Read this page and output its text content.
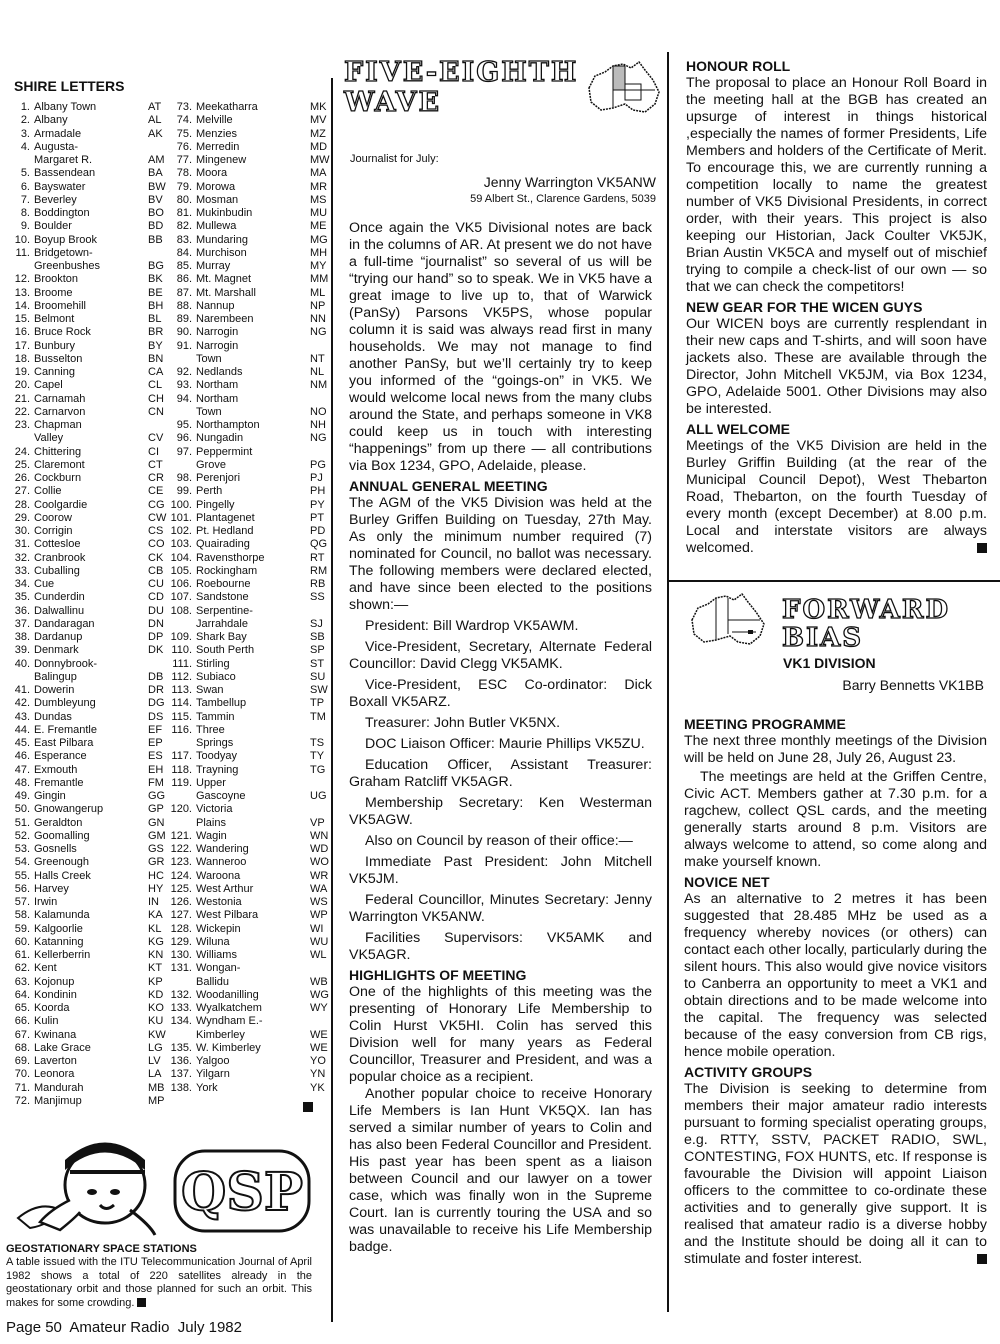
SHIRE LETTERS
1. Albany Town	AT
2. Albany	AL
3. Armadale	AK
4. Augusta-
Margaret R.	AM
5. Bassendean	BA
6. Bayswater	BW
7. Beverley	BV
8. Boddington	BO
9. Boulder	BD
10. Boyup Brook	BB
11. Bridgetown-
Greenbushes	BG
12. Brookton	BK
13. Broome	BE
14. Broomehill	BH
15. Belmont	BL
16. Bruce Rock	BR
17. Bunbury	BY
18. Busselton	BN
19. Canning	CA
20. Capel	CL
21. Carnamah	CH
22. Carnarvon	CN
23. Chapman
Valley	CV
24. Chittering	CI
25. Claremont	CT
26. Cockburn	CR
27. Collie	CE
28. Coolgardie	CG
29. Coorow	CW
30. Corrigin	CS
31. Cottesloe	CO
32. Cranbrook	CK
33. Cuballing	CB
34. Cue	CU
35. Cunderdin	CD
36. Dalwallinu	DU
37. Dandaragan	DN
38. Dardanup	DP
39. Denmark	DK
40. Donnybrook-
Balingup	DB
41. Dowerin	DR
42. Dumbleyung	DG
43. Dundas	DS
44. E. Fremantle	EF
45. East Pilbara	EP
46. Esperance	ES
47. Exmouth	EH
48. Fremantle	FM
49. Gingin	GG
50. Gnowangerup	GP
51. Geraldton	GN
52. Goomalling	GM
53. Gosnells	GS
54. Greenough	GR
55. Halls Creek	HC
56. Harvey	HY
57. Irwin	IN
58. Kalamunda	KA
59. Kalgoorlie	KL
60. Katanning	KG
61. Kellerberrin	KN
62. Kent	KT
63. Kojonup	KP
64. Kondinin	KD
65. Koorda	KO
66. Kulin	KU
67. Kwinana	KW
68. Lake Grace	LG
69. Laverton	LV
70. Leonora	LA
71. Mandurah	MB
72. Manjimup	MP
73. Meekatharra	MK
74. Melville	MV
75. Menzies	MZ
76. Merredin	MD
77. Mingenew	MW
78. Moora	MA
79. Morowa	MR
80. Mosman	MS
81. Mukinbudin	MU
82. Mullewa	ME
83. Mundaring	MG
84. Murchison	MH
85. Murray	MY
86. Mt. Magnet	MM
87. Mt. Marshall	ML
88. Nannup	NP
89. Narembeen	NN
90. Narrogin	NG
91. Narrogin
Town	NT
92. Nedlands	NL
93. Northam	NM
94. Northam
Town	NO
95. Northampton	NH
96. Nungadin	NG
97. Peppermint
Grove	PG
98. Perenjori	PJ
99. Perth	PH
100. Pingelly	PY
101. Plantagenet	PT
102. Pt. Hedland	PD
103. Quairading	QG
104. Ravensthorpe	RT
105. Rockingham	RM
106. Roebourne	RB
107. Sandstone	SS
108. Serpentine-
Jarrahdale	SJ
109. Shark Bay	SB
110. South Perth	SP
111. Stirling	ST
112. Subiaco	SU
113. Swan	SW
114. Tambellup	TP
115. Tammin	TM
116. Three
Springs	TS
117. Toodyay	TY
118. Trayning	TG
119. Upper
Gascoyne	UG
120. Victoria
Plains	VP
121. Wagin	WN
122. Wandering	WD
123. Wanneroo	WO
124. Waroona	WR
125. West Arthur	WA
126. Westonia	WS
127. West Pilbara	WP
128. Wickepin	WI
129. Wiluna	WU
130. Williams	WL
131. Wongan-
Ballidu	WB
132. Woodanilling	WG
133. Wyalkatchem	WY
134. Wyndham E.-
Kimberley	WE
135. W. Kimberley	WE
136. Yalgoo	YO
137. Yilgarn	YN
138. York	YK
QSP
GEOSTATIONARY SPACE STATIONS
A table issued with the ITU Telecommunication Journal of April 1982 shows a total of 220 satellites already in the geostationary orbit and those planned for such an orbit. This makes for some crowding.
FIVE-EIGHTH
WAVE
Journalist for July:
Jenny Warrington VK5ANW
59 Albert St., Clarence Gardens, 5039

Once again the VK5 Divisional notes are back in the columns of AR. At present we do not have a full-time “journalist” so several of us will be “trying our hand” so to speak. We in VK5 have a great image to live up to, that of Warwick (PanSy) Parsons VK5PS, whose popular column it is said was always read first in many households. We may not manage to find another PanSy, but we’ll certainly try to keep you informed of the “goings-on” in VK5. We would welcome local news from the many clubs around the State, and perhaps someone in VK8 could keep us in touch with interesting “happenings” from up there — all contributions via Box 1234, GPO, Adelaide, please.

ANNUAL GENERAL MEETING

The AGM of the VK5 Division was held at the Burley Griffen Building on Tuesday, 27th May. As only the minimum number required (7) nominated for Council, no ballot was necessary. The following members were declared elected, and have since been elected to the positions shown:—

President: Bill Wardrop VK5AWM.

Vice-President, Secretary, Alternate Federal Councillor: David Clegg VK5AMK.

Vice-President, ESC Co-ordinator: Dick Boxall VK5ARZ.

Treasurer: John Butler VK5NX.

DOC Liaison Officer: Maurie Phillips VK5ZU.

Education Officer, Assistant Treasurer: Graham Ratcliff VK5AGR.

Membership Secretary: Ken Westerman VK5AGW.

Also on Council by reason of their office:—

Immediate Past President: John Mitchell VK5JM.

Federal Councillor, Minutes Secretary: Jenny Warrington VK5ANW.

Facilities Supervisors: VK5AMK and VK5AGR.

HIGHLIGHTS OF MEETING

One of the highlights of this meeting was the presenting of Honorary Life Membership to Colin Hurst VK5HI. Colin has served this Division well for many years as Federal Councillor, Treasurer and President, and was a popular choice as a recipient.

Another popular choice to receive Honorary Life Members is Ian Hunt VK5QX. Ian has served a similar number of years to Colin and has also been Federal Councillor and President. His past year has been spent as a liaison between Council and our lawyer on a tower case, which was finally won in the Supreme Court. Ian is currently touring the USA and so was unavailable to receive his Life Membership badge.

HONOUR ROLL

The proposal to place an Honour Roll Board in the meeting hall at the BGB has created an upsurge of interest in things historical ,especially the names of former Presidents, Life Members and holders of the Certificate of Merit. To encourage this, we are currently running a competition locally to name the greatest number of VK5 Divisional Presidents, in correct order, with their years. This project is also keeping our Historian, Jack Coulter VK5JK, Brian Austin VK5CA and myself out of mischief trying to compile a check-list of our own — so that we can check the competitors!

NEW GEAR FOR THE WICEN GUYS

Our WICEN boys are currently resplendant in their new caps and T-shirts, and will soon have jackets also. These are available through the Director, John Mitchell VK5JM, via Box 1234, GPO, Adelaide 5001. Other Divisions may also be interested.

ALL WELCOME

Meetings of the VK5 Division are held in the Burley Griffin Building (at the rear of the Municipal Council Depot), West Thebarton Road, Thebarton, on the fourth Tuesday of every month (except December) at 8.00 p.m. Local and interstate visitors are always welcomed.

FORWARD
BIAS
VK1 DIVISION
Barry Bennetts VK1BB

MEETING PROGRAMME

The next three monthly meetings of the Division will be held on June 28, July 26, August 23.

The meetings are held at the Griffen Centre, Civic ACT. Members gather at 7.30 p.m. for a ragchew, collect QSL cards, and the meeting generally starts around 8 p.m. Visitors are always welcome to attend, so come along and make yourself known.

NOVICE NET

As an alternative to 2 metres it has been suggested that 28.485 MHz be used as a frequency whereby novices (or others) can contact each other locally, particularly during the silent hours. This also would give novice visitors to Canberra an opportunity to meet a VK1 and obtain directions and to be made welcome into the capital. The frequency was selected because of the easy conversion from CB rigs, hence mobile operation.

ACTIVITY GROUPS

The Division is seeking to determine from members their major amateur radio interests pursuant to forming specialist operating groups, e.g. RTTY, SSTV, PACKET RADIO, SWL, CONTESTING, FOX HUNTS, etc. If response is favourable the Division will appoint Liaison officers to the committee to co-ordinate these activities and to generally give support. It is realised that amateur radio is a diverse hobby and the Institute should be doing all it can to stimulate and foster interest.

Page 50  Amateur Radio  July 1982
